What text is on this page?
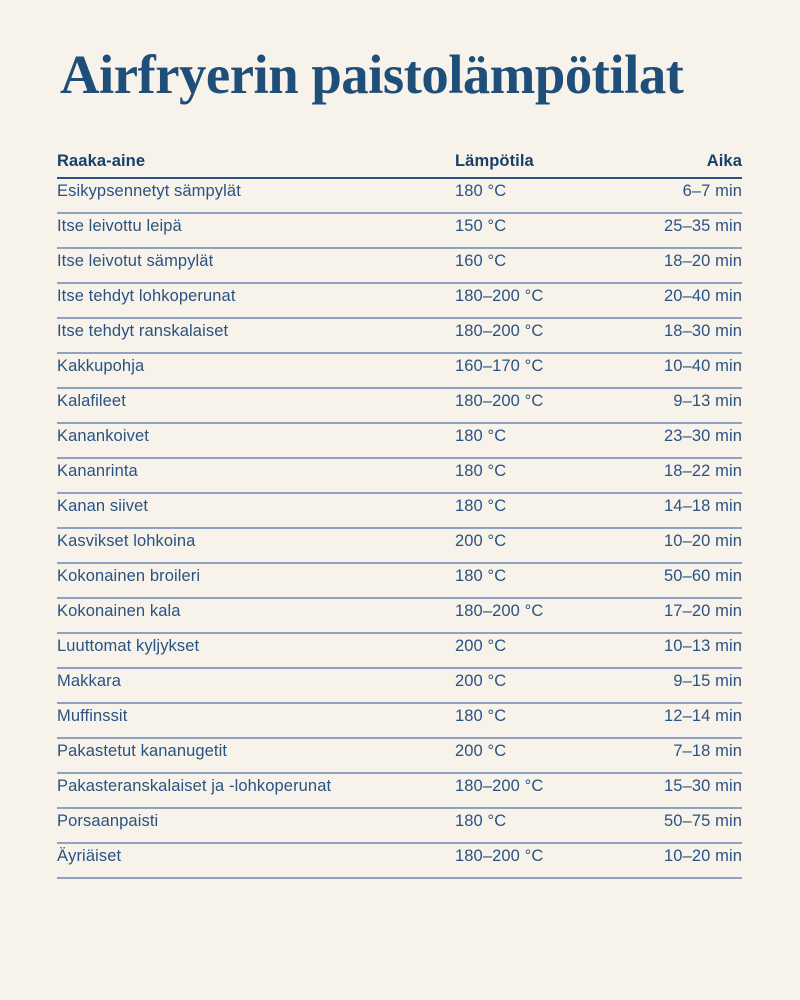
Airfryerin paistolämpötilat
Raaka-aine	Lämpötila	Aika
Esikypsennetyt sämpylät	180 °C	6–7 min
Itse leivottu leipä	150 °C	25–35 min
Itse leivotut sämpylät	160 °C	18–20 min
Itse tehdyt lohkoperunat	180–200 °C	20–40 min
Itse tehdyt ranskalaiset	180–200 °C	18–30 min
Kakkupohja	160–170 °C	10–40 min
Kalafileet	180–200 °C	9–13 min
Kanankoivet	180 °C	23–30 min
Kananrinta	180 °C	18–22 min
Kanan siivet	180 °C	14–18 min
Kasvikset lohkoina	200 °C	10–20 min
Kokonainen broileri	180 °C	50–60 min
Kokonainen kala	180–200 °C	17–20 min
Luuttomat kyljykset	200 °C	10–13 min
Makkara	200 °C	9–15 min
Muffinssit	180 °C	12–14 min
Pakastetut kananugetit	200 °C	7–18 min
Pakasteranskalaiset ja -lohkoperunat	180–200 °C	15–30 min
Porsaanpaisti	180 °C	50–75 min
Äyriäiset	180–200 °C	10–20 min
